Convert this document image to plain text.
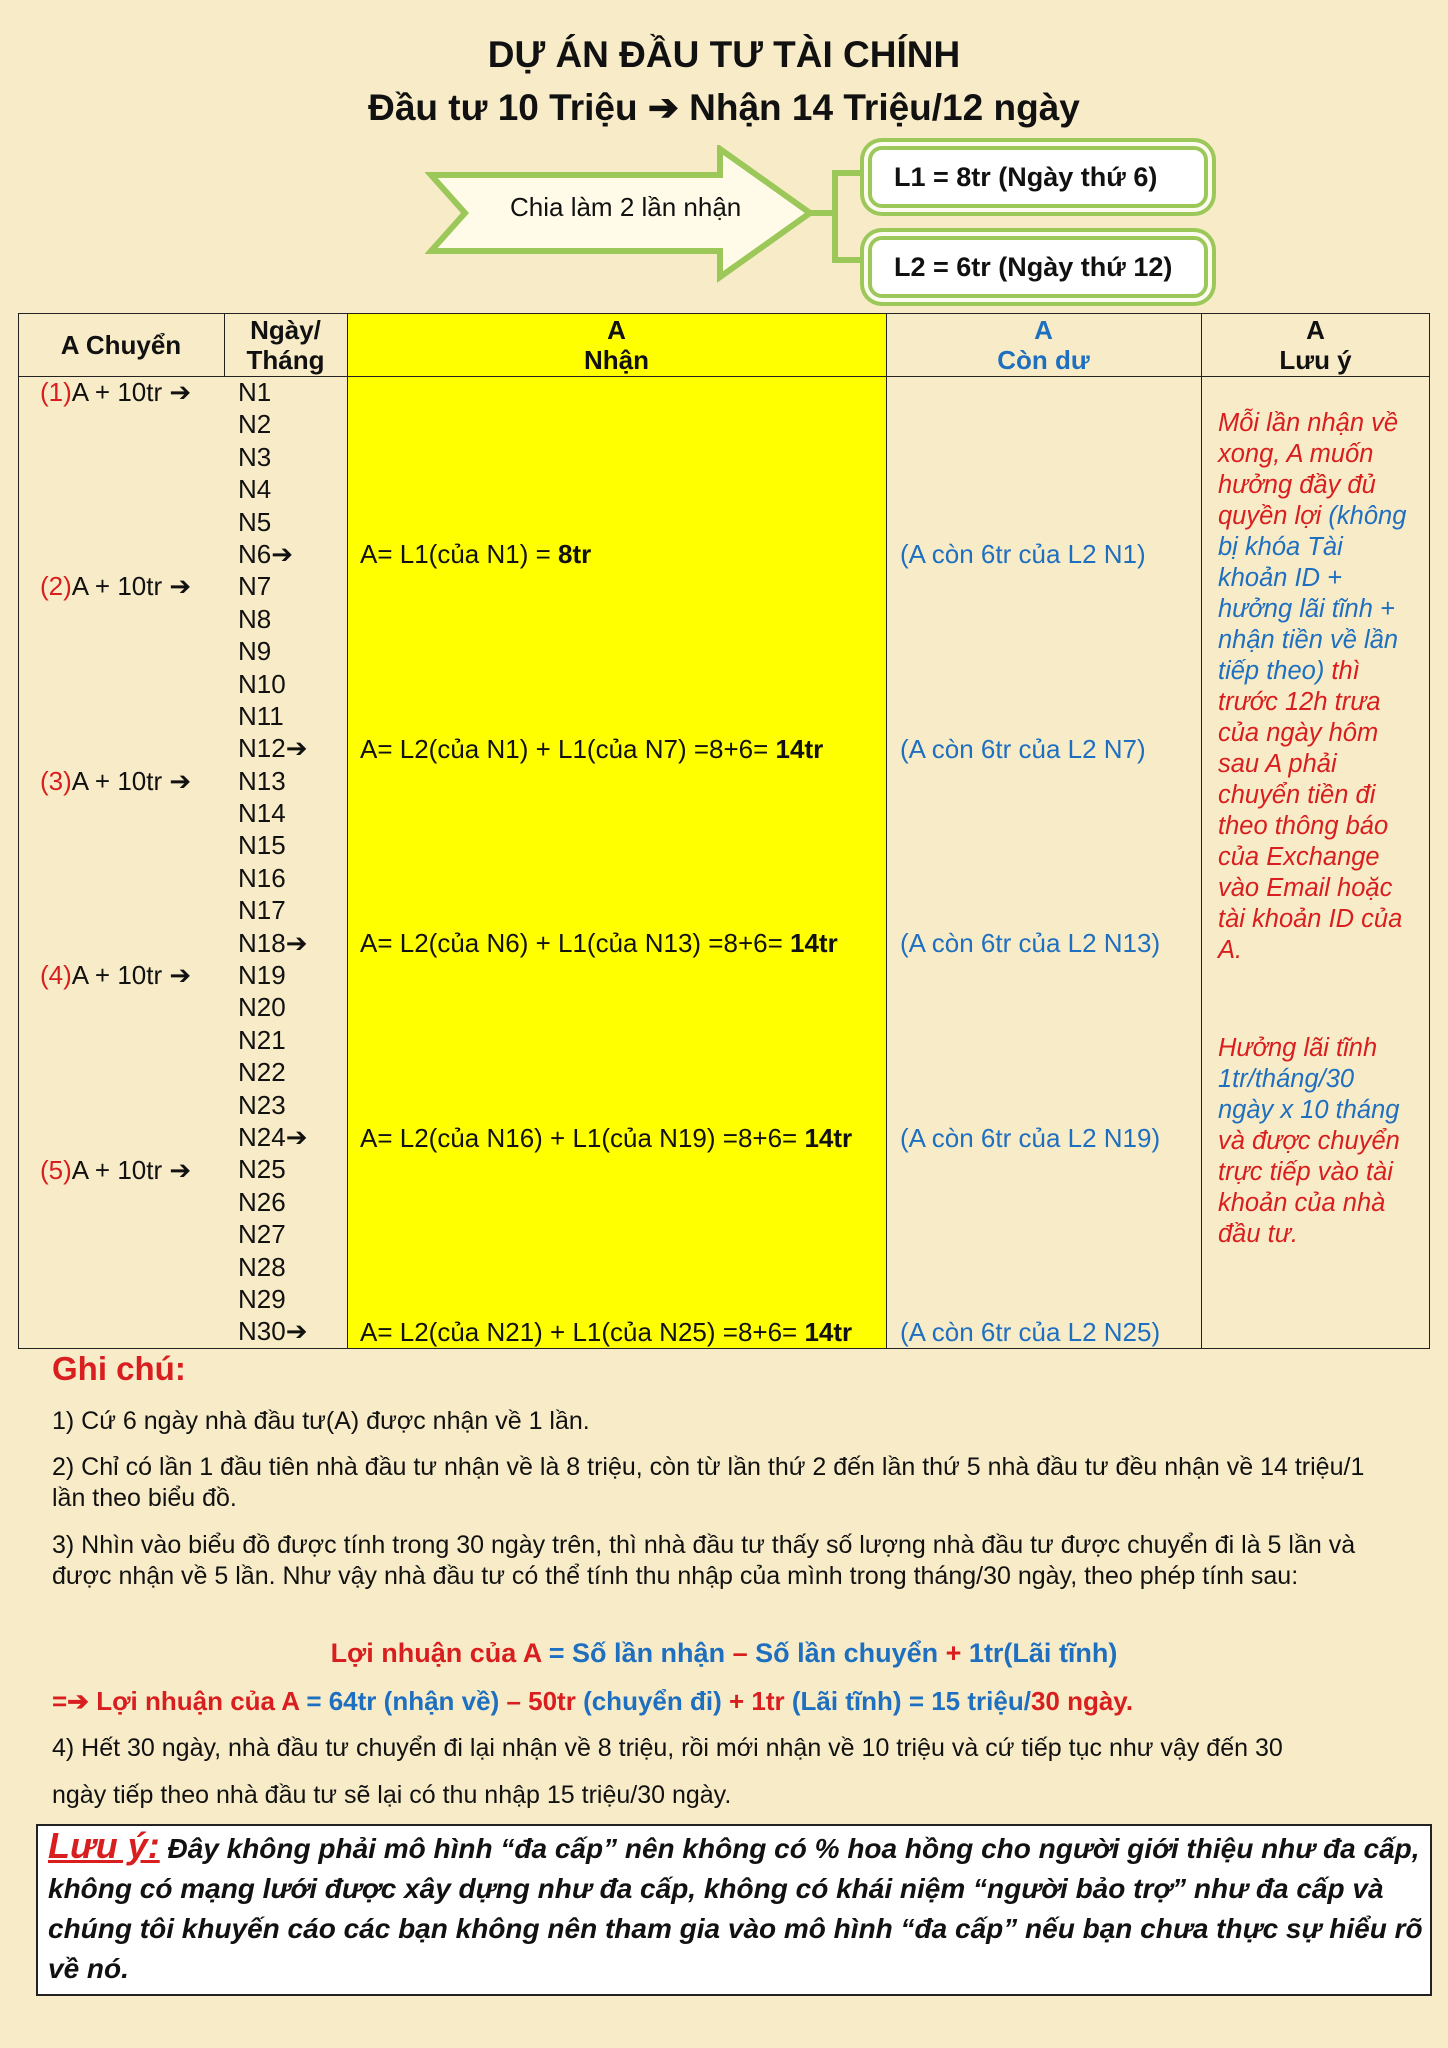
DỰ ÁN ĐẦU TƯ TÀI CHÍNH
Đầu tư 10 Triệu ➔ Nhận 14 Triệu/12 ngày
Chia làm 2 lần nhận
L1 = 8tr (Ngày thứ 6)
L2 = 6tr (Ngày thứ 12)
A Chuyển	Ngày/
Tháng
A
Nhận
A
Còn dư
A
Lưu ý
(1)A + 10tr ➔
(2)A + 10tr ➔
(3)A + 10tr ➔
(4)A + 10tr ➔
(5)A + 10tr ➔
N1
N2
N3
N4
N5
N6➔
N7
N8
N9
N10
N11
N12➔
N13
N14
N15
N16
N17
N18➔
N19
N20
N21
N22
N23
N24➔
N25
N26
N27
N28
N29
N30➔
A= L1(của N1) = 8tr
A= L2(của N1) + L1(của N7) =8+6= 14tr
A= L2(của N6) + L1(của N13) =8+6= 14tr
A= L2(của N16) + L1(của N19) =8+6= 14tr
A= L2(của N21) + L1(của N25) =8+6= 14tr
(A còn 6tr của L2 N1)
(A còn 6tr của L2 N7)
(A còn 6tr của L2 N13)
(A còn 6tr của L2 N19)
(A còn 6tr của L2 N25)
Mỗi lần nhận về
xong, A muốn
hưởng đầy đủ
quyền lợi (không
bị khóa Tài
khoản ID +
hưởng lãi tĩnh +
nhận tiền về lần
tiếp theo) thì
trước 12h trưa
của ngày hôm
sau A phải
chuyển tiền đi
theo thông báo
của Exchange
vào Email hoặc
tài khoản ID của
A.
Hưởng lãi tĩnh
1tr/tháng/30
ngày x 10 tháng
và được chuyển
trực tiếp vào tài
khoản của nhà
đầu tư.
Ghi chú:
1) Cứ 6 ngày nhà đầu tư(A) được nhận về 1 lần.
2) Chỉ có lần 1 đầu tiên nhà đầu tư nhận về là 8 triệu, còn từ lần thứ 2 đến lần thứ 5 nhà đầu tư đều nhận về 14 triệu/1 lần theo biểu đồ.
3) Nhìn vào biểu đồ được tính trong 30 ngày trên, thì nhà đầu tư thấy số lượng nhà đầu tư được chuyển đi là 5 lần và được nhận về 5 lần. Như vậy nhà đầu tư có thể tính thu nhập của mình trong tháng/30 ngày, theo phép tính sau:
Lợi nhuận của A = Số lần nhận – Số lần chuyển + 1tr(Lãi tĩnh)
=➔ Lợi nhuận của A = 64tr (nhận về) – 50tr (chuyển đi) + 1tr (Lãi tĩnh) = 15 triệu/30 ngày.
4) Hết 30 ngày, nhà đầu tư chuyển đi lại nhận về 8 triệu, rồi mới nhận về 10 triệu và cứ tiếp tục như vậy đến 30
ngày tiếp theo nhà đầu tư sẽ lại có thu nhập 15 triệu/30 ngày.
Lưu ý: Đây không phải mô hình “đa cấp” nên không có % hoa hồng cho người giới thiệu như đa cấp, không có mạng lưới được xây dựng như đa cấp, không có khái niệm “người bảo trợ” như đa cấp và chúng tôi khuyến cáo các bạn không nên tham gia vào mô hình “đa cấp” nếu bạn chưa thực sự hiểu rõ về nó.
